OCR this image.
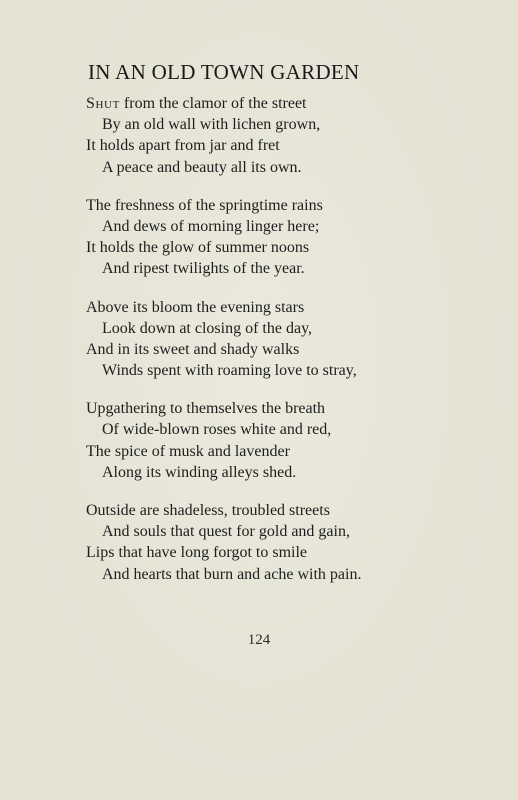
IN AN OLD TOWN GARDEN
Shut from the clamor of the street
By an old wall with lichen grown,
It holds apart from jar and fret
A peace and beauty all its own.
The freshness of the springtime rains
And dews of morning linger here;
It holds the glow of summer noons
And ripest twilights of the year.
Above its bloom the evening stars
Look down at closing of the day,
And in its sweet and shady walks
Winds spent with roaming love to stray,
Upgathering to themselves the breath
Of wide-blown roses white and red,
The spice of musk and lavender
Along its winding alleys shed.
Outside are shadeless, troubled streets
And souls that quest for gold and gain,
Lips that have long forgot to smile
And hearts that burn and ache with pain.
124
